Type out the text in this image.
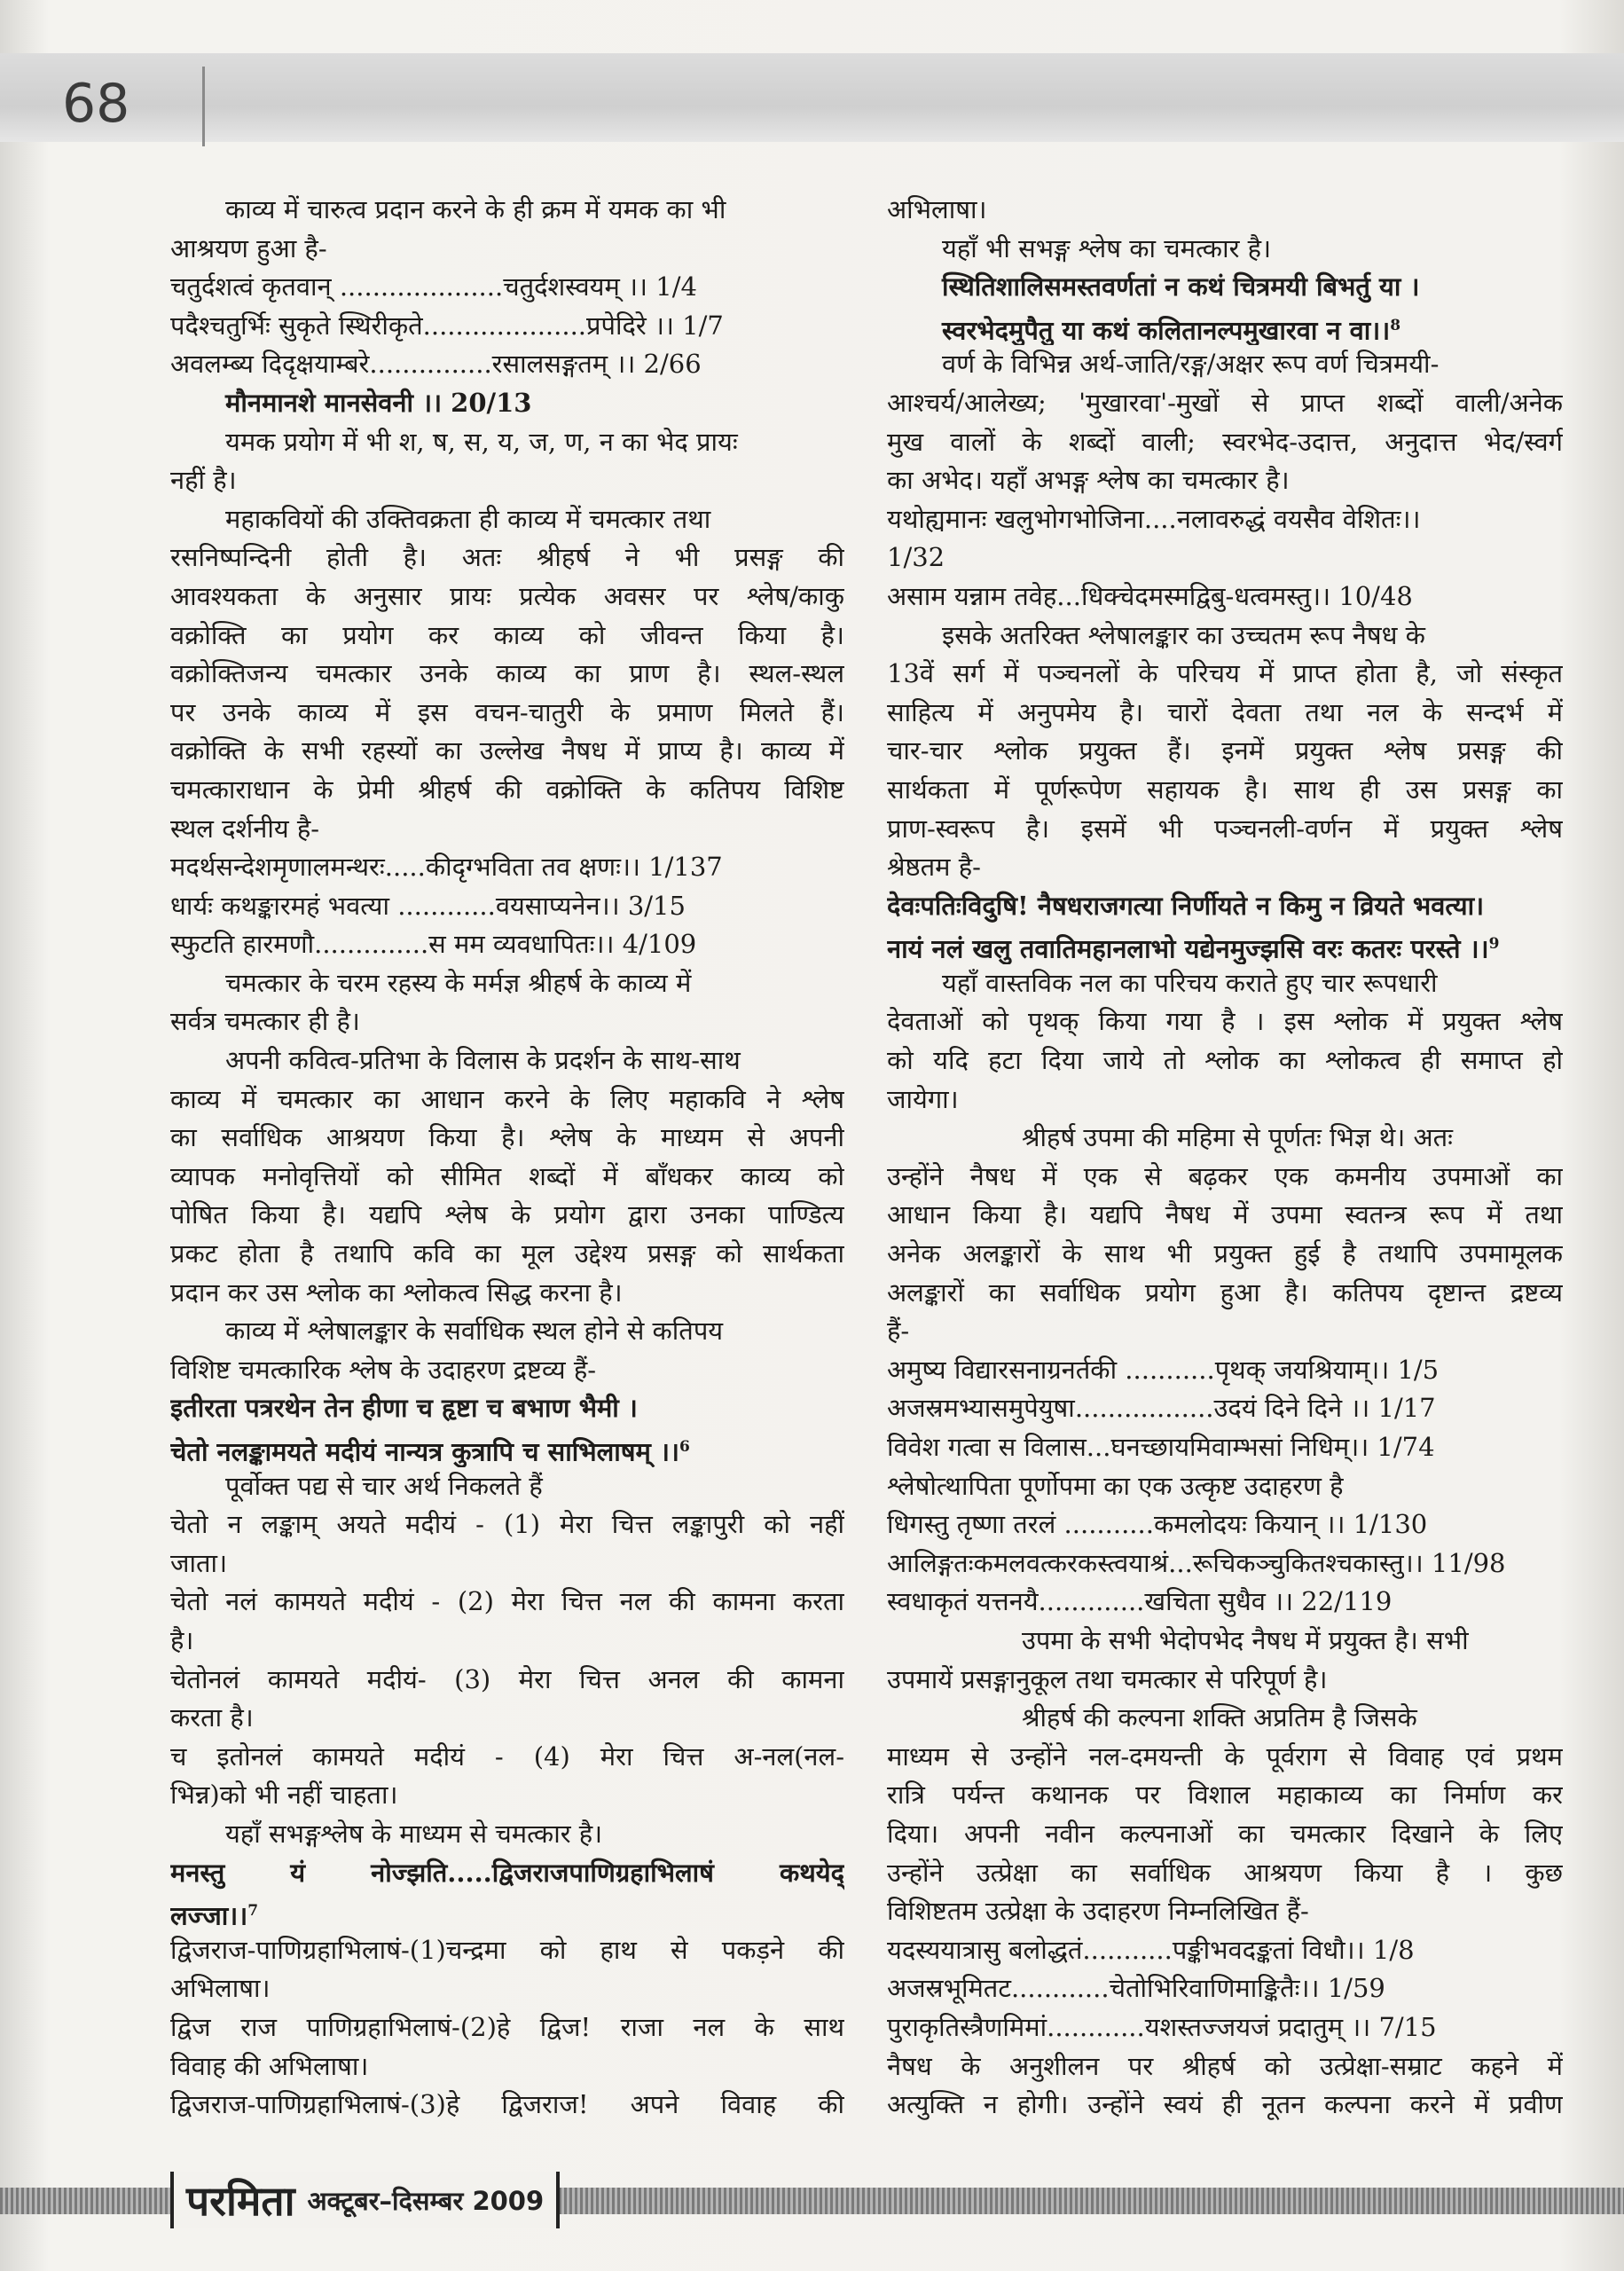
68
काव्य में चारुत्व प्रदान करने के ही क्रम में यमक का भी
आश्रयण हुआ है-
चतुर्दशत्वं कृतवान् ....................चतुर्दशस्वयम् ।। 1/4
पदैश्चतुर्भिः सुकृते स्थिरीकृते....................प्रपेदिरे ।। 1/7
अवलम्ब्य दिदृक्षयाम्बरे...............रसालसङ्गतम् ।। 2/66
मौनमानशे मानसेवनी ।। 20/13
यमक प्रयोग में भी श, ष, स, य, ज, ण, न का भेद प्रायः
नहीं है।
महाकवियों की उक्तिवक्रता ही काव्य में चमत्कार तथा
रसनिष्पन्दिनी होती है। अतः श्रीहर्ष ने भी प्रसङ्ग की
आवश्यकता के अनुसार प्रायः प्रत्येक अवसर पर श्लेष/काकु
वक्रोक्ति का प्रयोग कर काव्य को जीवन्त किया है।
वक्रोक्तिजन्य चमत्कार उनके काव्य का प्राण है। स्थल-स्थल
पर उनके काव्य में इस वचन-चातुरी के प्रमाण मिलते हैं।
वक्रोक्ति के सभी रहस्यों का उल्लेख नैषध में प्राप्य है। काव्य में
चमत्काराधान के प्रेमी श्रीहर्ष की वक्रोक्ति के कतिपय विशिष्ट
स्थल दर्शनीय है-
मदर्थसन्देशमृणालमन्थरः.....कीदृग्भविता तव क्षणः।। 1/137
धार्यः कथङ्कारमहं भवत्या ............वयसाप्यनेन।। 3/15
स्फुटति हारमणौ..............स मम व्यवधापितः।। 4/109
चमत्कार के चरम रहस्य के मर्मज्ञ श्रीहर्ष के काव्य में
सर्वत्र चमत्कार ही है।
अपनी कवित्व-प्रतिभा के विलास के प्रदर्शन के साथ-साथ
काव्य में चमत्कार का आधान करने के लिए महाकवि ने श्लेष
का सर्वाधिक आश्रयण किया है। श्लेष के माध्यम से अपनी
व्यापक मनोवृत्तियों को सीमित शब्दों में बाँधकर काव्य को
पोषित किया है। यद्यपि श्लेष के प्रयोग द्वारा उनका पाण्डित्य
प्रकट होता है तथापि कवि का मूल उद्देश्य प्रसङ्ग को सार्थकता
प्रदान कर उस श्लोक का श्लोकत्व सिद्ध करना है।
काव्य में श्लेषालङ्कार के सर्वाधिक स्थल होने से कतिपय
विशिष्ट चमत्कारिक श्लेष के उदाहरण द्रष्टव्य हैं-
इतीरता पत्ररथेन तेन हीणा च हृष्टा च बभाण भैमी ।
चेतो नलङ्कामयते मदीयं नान्यत्र कुत्रापि च साभिलाषम् ।।$^6$
पूर्वोक्त पद्य से चार अर्थ निकलते हैं
चेतो न लङ्काम् अयते मदीयं - (1) मेरा चित्त लङ्कापुरी को नहीं
जाता।
चेतो नलं कामयते मदीयं - (2) मेरा चित्त नल की कामना करता
है।
चेतोनलं कामयते मदीयं- (3) मेरा चित्त अनल की कामना
करता है।
च इतोनलं कामयते मदीयं - (4) मेरा चित्त अ-नल(नल-
भिन्न)को भी नहीं चाहता।
यहाँ सभङ्गश्लेष के माध्यम से चमत्कार है।
मनस्तु यं नोज्झति.....द्विजराजपाणिग्रहाभिलाषं कथयेद्
लज्जा।।$^7$
द्विजराज-पाणिग्रहाभिलाषं-(1)चन्द्रमा को हाथ से पकड़ने की
अभिलाषा।
द्विज राज पाणिग्रहाभिलाषं-(2)हे द्विज! राजा नल के साथ
विवाह की अभिलाषा।
द्विजराज-पाणिग्रहाभिलाषं-(3)हे द्विजराज! अपने विवाह की
अभिलाषा।
यहाँ भी सभङ्ग श्लेष का चमत्कार है।
स्थितिशालिसमस्तवर्णतां न कथं चित्रमयी बिभर्तु या ।
स्वरभेदमुपैतु या कथं कलितानल्पमुखारवा न वा।।$^8$
वर्ण के विभिन्न अर्थ-जाति/रङ्ग/अक्षर रूप वर्ण चित्रमयी-
आश्चर्य/आलेख्य; 'मुखारवा'-मुखों से प्राप्त शब्दों वाली/अनेक
मुख वालों के शब्दों वाली; स्वरभेद-उदात्त, अनुदात्त भेद/स्वर्ग
का अभेद। यहाँ अभङ्ग श्लेष का चमत्कार है।
यथोह्यमानः खलुभोगभोजिना....नलावरुद्धं वयसैव वेशितः।।
1/32
असाम यन्नाम तवेह...धिक्चेदमस्मद्विबु-धत्वमस्तु।। 10/48
इसके अतरिक्त श्लेषालङ्कार का उच्चतम रूप नैषध के
13वें सर्ग में पञ्चनलों के परिचय में प्राप्त होता है, जो संस्कृत
साहित्य में अनुपमेय है। चारों देवता तथा नल के सन्दर्भ में
चार-चार श्लोक प्रयुक्त हैं। इनमें प्रयुक्त श्लेष प्रसङ्ग की
सार्थकता में पूर्णरूपेण सहायक है। साथ ही उस प्रसङ्ग का
प्राण-स्वरूप है। इसमें भी पञ्चनली-वर्णन में प्रयुक्त श्लेष
श्रेष्ठतम है-
देवःपतिःविदुषि! नैषधराजगत्या निर्णीयते न किमु न व्रियते भवत्या।
नायं नलं खलु तवातिमहानलाभो यद्येनमुज्झसि वरः कतरः परस्ते ।।$^9$
यहाँ वास्तविक नल का परिचय कराते हुए चार रूपधारी
देवताओं को पृथक् किया गया है । इस श्लोक में प्रयुक्त श्लेष
को यदि हटा दिया जाये तो श्लोक का श्लोकत्व ही समाप्त हो
जायेगा।
श्रीहर्ष उपमा की महिमा से पूर्णतः भिज्ञ थे। अतः
उन्होंने नैषध में एक से बढ़कर एक कमनीय उपमाओं का
आधान किया है। यद्यपि नैषध में उपमा स्वतन्त्र रूप में तथा
अनेक अलङ्कारों के साथ भी प्रयुक्त हुई है तथापि उपमामूलक
अलङ्कारों का सर्वाधिक प्रयोग हुआ है। कतिपय दृष्टान्त द्रष्टव्य
हैं-
अमुष्य विद्यारसनाग्रनर्तकी ...........पृथक् जयश्रियाम्।। 1/5
अजस्रमभ्यासमुपेयुषा.................उदयं दिने दिने ।। 1/17
विवेश गत्वा स विलास...घनच्छायमिवाम्भसां निधिम्।। 1/74
श्लेषोत्थापिता पूर्णोपमा का एक उत्कृष्ट उदाहरण है
धिगस्तु तृष्णा तरलं ...........कमलोदयः कियान् ।। 1/130
आलिङ्गतःकमलवत्करकस्त्वयाश्रं...रूचिकञ्चुकितश्चकास्तु।। 11/98
स्वधाकृतं यत्तनयै.............खचिता सुधैव ।। 22/119
उपमा के सभी भेदोपभेद नैषध में प्रयुक्त है। सभी
उपमायें प्रसङ्गानुकूल तथा चमत्कार से परिपूर्ण है।
श्रीहर्ष की कल्पना शक्ति अप्रतिम है जिसके
माध्यम से उन्होंने नल-दमयन्ती के पूर्वराग से विवाह एवं प्रथम
रात्रि पर्यन्त कथानक पर विशाल महाकाव्य का निर्माण कर
दिया। अपनी नवीन कल्पनाओं का चमत्कार दिखाने के लिए
उन्होंने उत्प्रेक्षा का सर्वाधिक आश्रयण किया है । कुछ
विशिष्टतम उत्प्रेक्षा के उदाहरण निम्नलिखित हैं-
यदस्ययात्रासु बलोद्धतं...........पङ्कीभवदङ्कतां विधौ।। 1/8
अजस्रभूमितट............चेतोभिरिवाणिमाङ्कितैः।। 1/59
पुराकृतिस्त्रैणमिमां............यशस्तज्जयजं प्रदातुम् ।। 7/15
नैषध के अनुशीलन पर श्रीहर्ष को उत्प्रेक्षा-सम्राट कहने में
अत्युक्ति न होगी। उन्होंने स्वयं ही नूतन कल्पना करने में प्रवीण
परमिता अक्टूबर–दिसम्बर 2009
